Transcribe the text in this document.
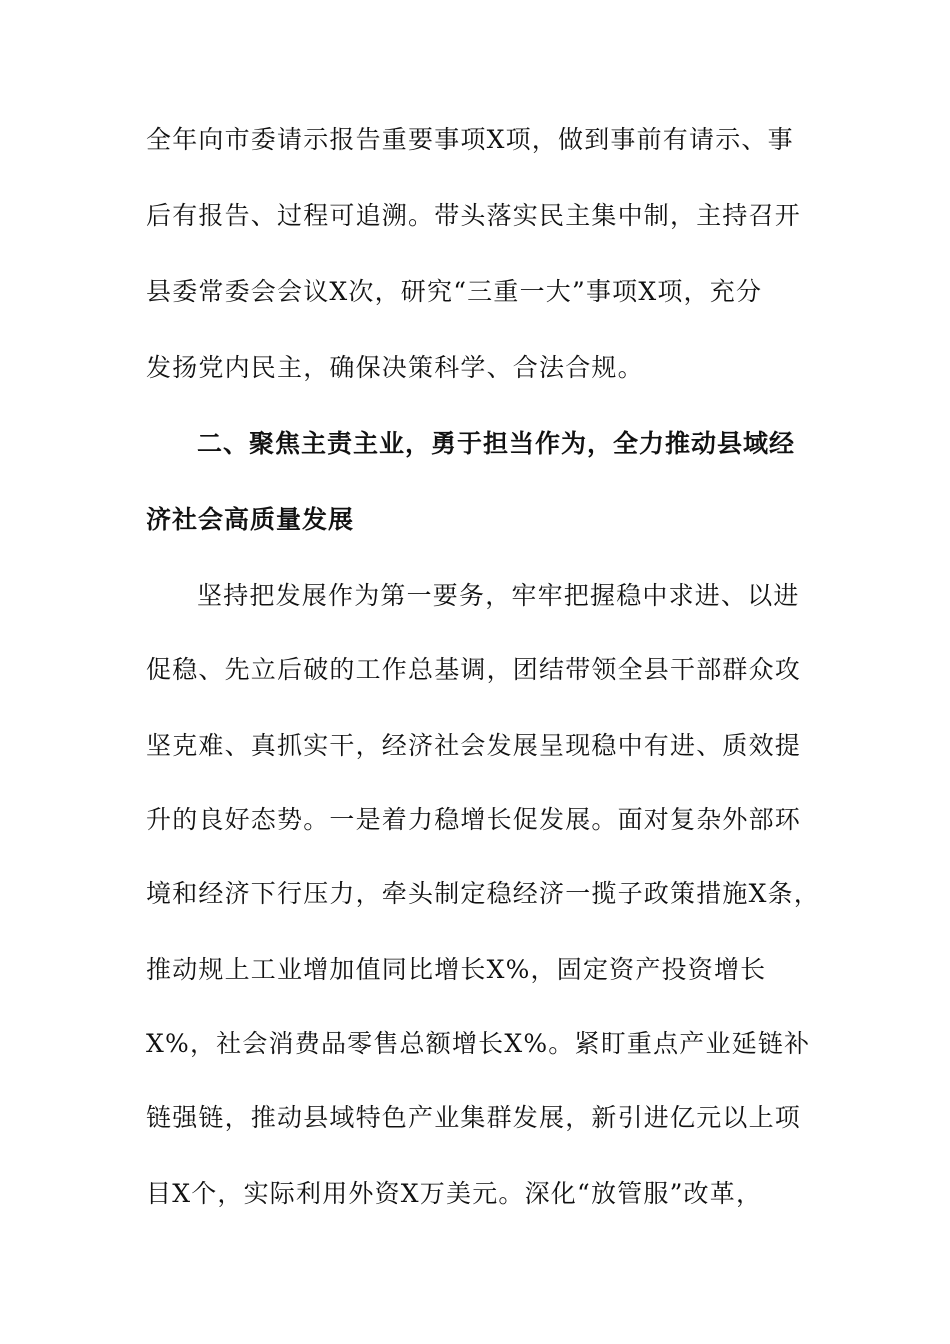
全年向市委请示报告重要事项X项，做到事前有请示、事
后有报告、过程可追溯。带头落实民主集中制，主持召开
县委常委会会议X次，研究“三重一大”事项X项，充分
发扬党内民主，确保决策科学、合法合规。
二、聚焦主责主业，勇于担当作为，全力推动县域经
济社会高质量发展
坚持把发展作为第一要务，牢牢把握稳中求进、以进
促稳、先立后破的工作总基调，团结带领全县干部群众攻
坚克难、真抓实干，经济社会发展呈现稳中有进、质效提
升的良好态势。一是着力稳增长促发展。面对复杂外部环
境和经济下行压力，牵头制定稳经济一揽子政策措施X条，
推动规上工业增加值同比增长X%，固定资产投资增长
X%，社会消费品零售总额增长X%。紧盯重点产业延链补
链强链，推动县域特色产业集群发展，新引进亿元以上项
目X个，实际利用外资X万美元。深化“放管服”改革，
